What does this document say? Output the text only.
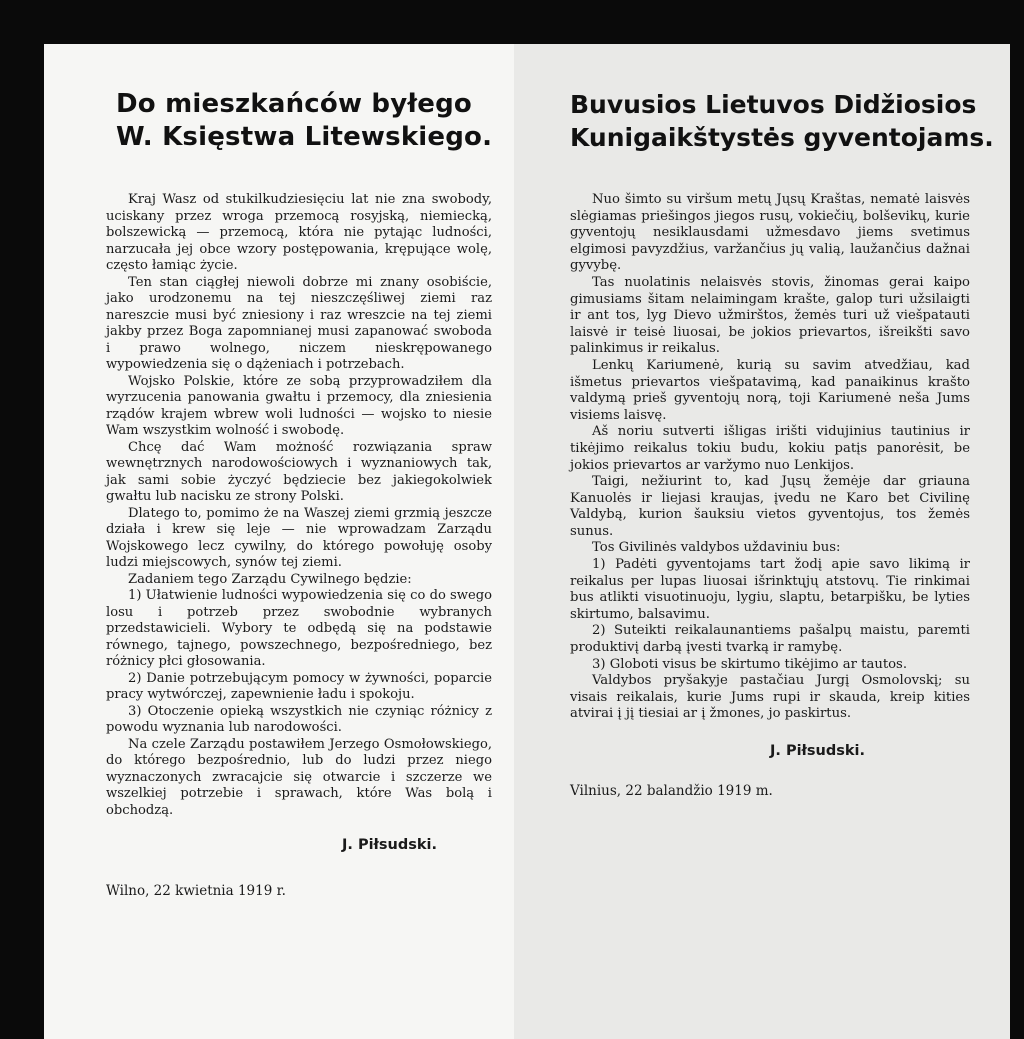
Do mieszkańców byłego
W. Księstwa Litewskiego.

Kraj Wasz od stukilkudziesięciu lat nie zna swobody, uciskany przez wroga przemocą rosyjską, niemiecką, bolszewicką — przemocą, która nie pytając ludności, narzucała jej obce wzory postępowania, krępujące wolę, często łamiąc życie.

Ten stan ciągłej niewoli dobrze mi znany osobiście, jako urodzonemu na tej nieszczęśliwej ziemi raz nareszcie musi być zniesiony i raz wreszcie na tej ziemi jakby przez Boga zapomnianej musi zapanować swoboda i prawo wolnego, niczem nieskrępowanego wypowiedzenia się o dążeniach i potrzebach.

Wojsko Polskie, które ze sobą przyprowadziłem dla wyrzucenia panowania gwałtu i przemocy, dla zniesienia rządów krajem wbrew woli ludności — wojsko to niesie Wam wszystkim wolność i swobodę.

Chcę dać Wam możność rozwiązania spraw wewnętrznych narodowościowych i wyznaniowych tak, jak sami sobie życzyć będziecie bez jakiegokolwiek gwałtu lub nacisku ze strony Polski.

Dlatego to, pomimo że na Waszej ziemi grzmią jeszcze działa i krew się leje — nie wprowadzam Zarządu Wojskowego lecz cywilny, do którego powołuję osoby ludzi miejscowych, synów tej ziemi.

Zadaniem tego Zarządu Cywilnego będzie:

1) Ułatwienie ludności wypowiedzenia się co do swego losu i potrzeb przez swobodnie wybranych przedstawicieli. Wybory te odbędą się na podstawie równego, tajnego, powszechnego, bezpośredniego, bez różnicy płci głosowania.

2) Danie potrzebującym pomocy w żywności, poparcie pracy wytwórczej, zapewnienie ładu i spokoju.

3) Otoczenie opieką wszystkich nie czyniąc różnicy z powodu wyznania lub narodowości.

Na czele Zarządu postawiłem Jerzego Osmołowskiego, do którego bezpośrednio, lub do ludzi przez niego wyznaczonych zwracajcie się otwarcie i szczerze we wszelkiej potrzebie i sprawach, które Was bolą i obchodzą.

J. Piłsudski.

Wilno, 22 kwietnia 1919 r.

Buvusios Lietuvos Didžiosios
Kunigaikštystės gyventojams.

Nuo šimto su viršum metų Jųsų Kraštas, nematė laisvės slėgiamas priešingos jiegos rusų, vokiečių, bolševikų, kurie gyventojų nesiklausdami užmesdavo jiems svetimus elgimosi pavyzdžius, varžančius jų valią, laužančius dažnai gyvybę.

Tas nuolatinis nelaisvės stovis, žinomas gerai kaipo gimusiams šitam nelaimingam krašte, galop turi užsilaigti ir ant tos, lyg Dievo užmirštos, žemės turi už viešpatauti laisvė ir teisė liuosai, be jokios prievartos, išreikšti savo palinkimus ir reikalus.

Lenkų Kariumenė, kurią su savim atvedžiau, kad išmetus prievartos viešpatavimą, kad panaikinus krašto valdymą prieš gyventojų norą, toji Kariumenė neša Jums visiems laisvę.

Aš noriu sutverti išligas irišti vidujinius tautinius ir tikėjimo reikalus tokiu budu, kokiu patįs panorėsit, be jokios prievartos ar varžymo nuo Lenkijos.

Taigi, nežiurint to, kad Jųsų žemėje dar griauna Kanuolės ir liejasi kraujas, įvedu ne Karo bet Civilinę Valdybą, kurion šauksiu vietos gyventojus, tos žemės sunus.

Tos Givilinės valdybos uždaviniu bus:

1) Padėti gyventojams tart žodį apie savo likimą ir reikalus per lupas liuosai išrinktųjų atstovų. Tie rinkimai bus atlikti visuotinuoju, lygiu, slaptu, betarpišku, be lyties skirtumo, balsavimu.

2) Suteikti reikalaunantiems pašalpų maistu, paremti produktivį darbą įvesti tvarką ir ramybę.

3) Globoti visus be skirtumo tikėjimo ar tautos.

Valdybos pryšakyje pastačiau Jurgį Osmolovskį; su visais reikalais, kurie Jums rupi ir skauda, kreip kities atvirai į jį tiesiai ar į žmones, jo paskirtus.

J. Piłsudski.

Vilnius, 22 balandžio 1919 m.
